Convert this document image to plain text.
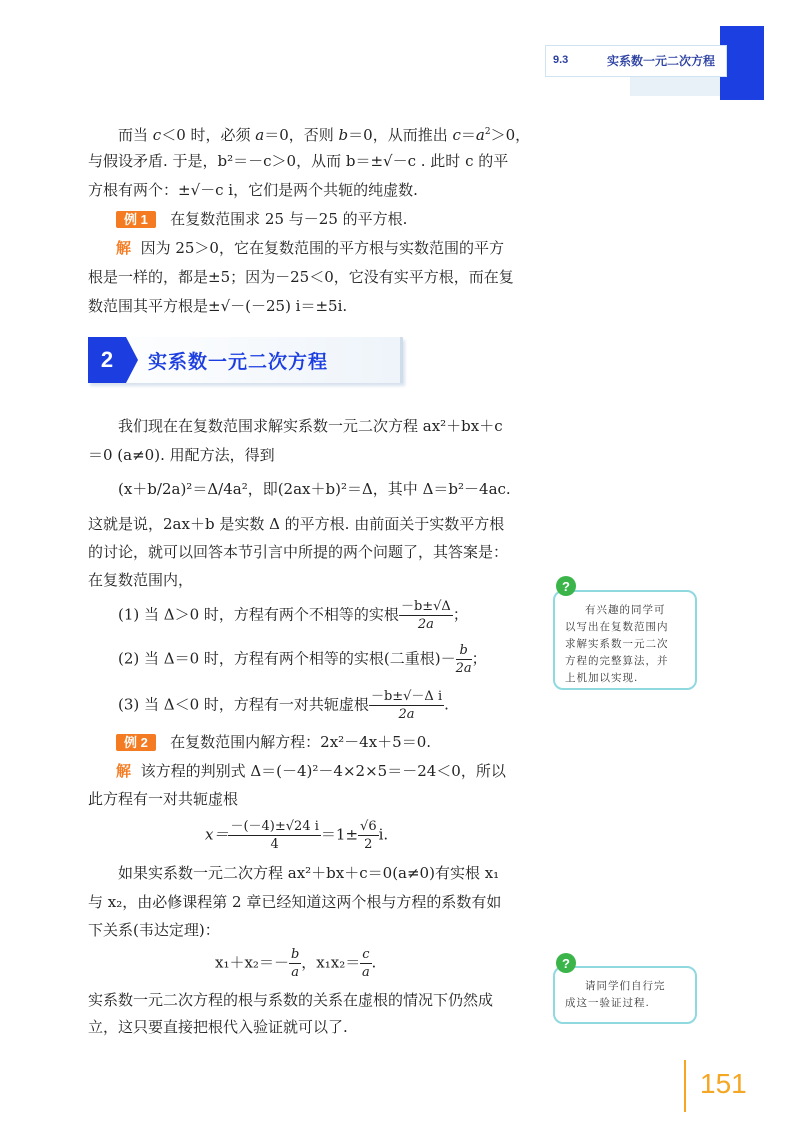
9.3	实系数一元二次方程
而当 c＜0 时，必须 a＝0，否则 b＝0，从而推出 $c=a^2>0$，
与假设矛盾. 于是，b²＝－c＞0，从而 b＝±√－c . 此时 c 的平
方根有两个：±√－c i，它们是两个共轭的纯虚数.
例 1 在复数范围求 25 与－25 的平方根.
解 因为 25＞0，它在复数范围的平方根与实数范围的平方
根是一样的，都是±5；因为－25＜0，它没有实平方根，而在复
数范围其平方根是±√－(－25) i＝±5i.
2	实系数一元二次方程
我们现在在复数范围求解实系数一元二次方程 ax²＋bx＋c
＝0 (a≠0). 用配方法，得到
(x＋b/2a)²＝Δ/4a²，即(2ax＋b)²＝Δ，其中 Δ＝b²－4ac.
这就是说，2ax＋b 是实数 Δ 的平方根. 由前面关于实数平方根
的讨论，就可以回答本节引言中所提的两个问题了，其答案是：
在复数范围内，
(1) 当 Δ＞0 时，方程有两个不相等的实根 $\frac{-b\pm√\Delta}{2a}$ ；
(2) 当 Δ＝0 时，方程有两个相等的实根(二重根)－ $\frac{b}{2a}$ ；
(3) 当 Δ＜0 时，方程有一对共轭虚根 $\frac{\text{－b±√－Δ i}}{2a}$ .
例 2 在复数范围内解方程：2x²－4x＋5＝0.
解 该方程的判别式 Δ＝(－4)²－4×2×5＝－24＜0，所以
此方程有一对共轭虚根
$x= \frac{-(-4)\pm√24 i}{4} =1\pm \frac{√6}{2} i$.
如果实系数一元二次方程 ax²＋bx＋c＝0(a≠0)有实根 x₁
与 x₂，由必修课程第 2 章已经知道这两个根与方程的系数有如
下关系(韦达定理)：
$x_1+x_2=- \frac{b}{a}$ ，$x_1x_2= \frac{c}{a}$ .
实系数一元二次方程的根与系数的关系在虚根的情况下仍然成
立，这只要直接把根代入验证就可以了.
有兴趣的同学可
以写出在复数范围内
求解实系数一元二次
方程的完整算法，并
上机加以实现.
?
请同学们自行完
成这一验证过程.
?
151
